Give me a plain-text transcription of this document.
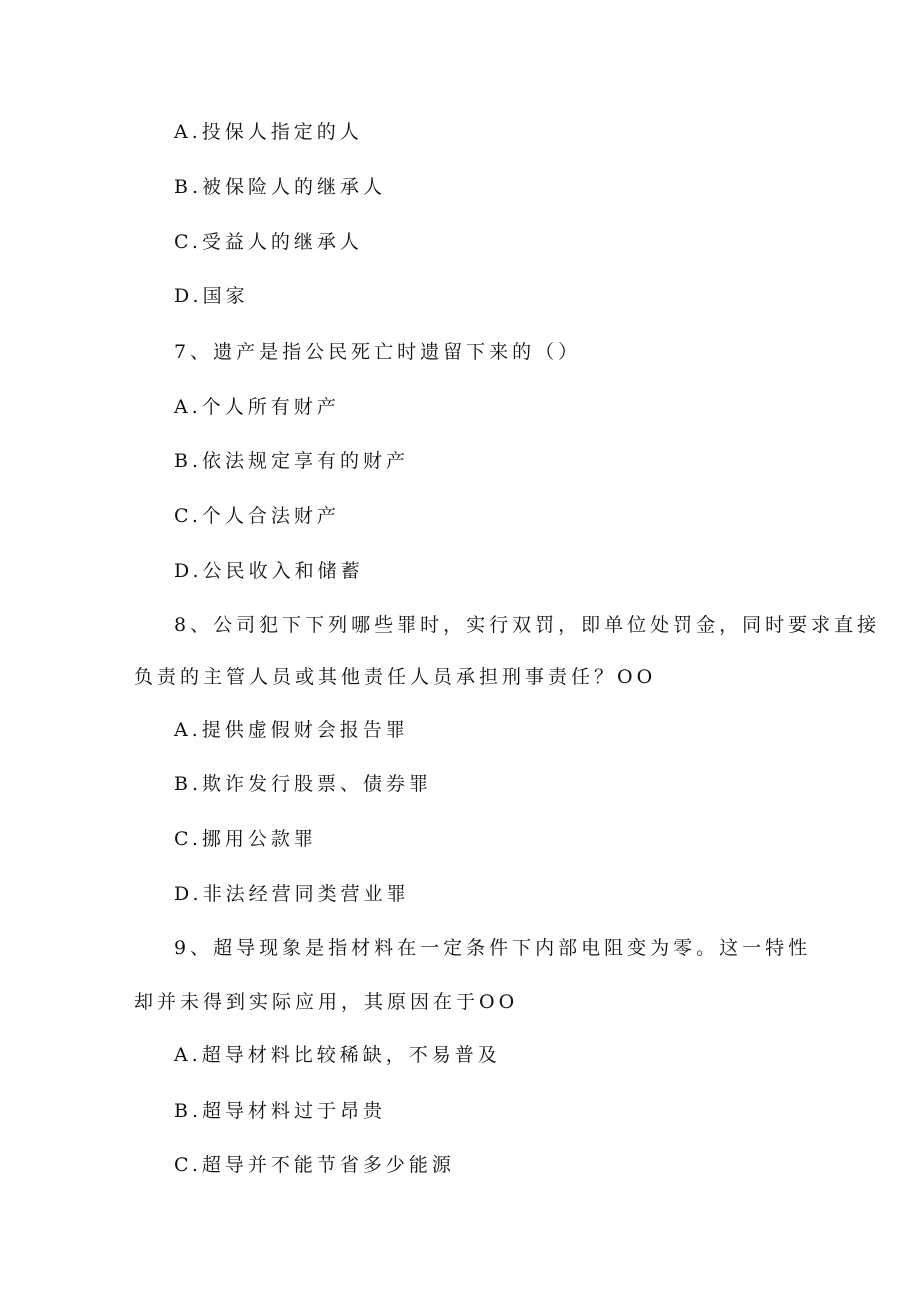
A.投保人指定的人
B.被保险人的继承人
C.受益人的继承人
D.国家
7、遗产是指公民死亡时遗留下来的（）
A.个人所有财产
B.依法规定享有的财产
C.个人合法财产
D.公民收入和储蓄
8、公司犯下下列哪些罪时，实行双罚，即单位处罚金，同时要求直接
负责的主管人员或其他责任人员承担刑事责任？OO
A.提供虚假财会报告罪
B.欺诈发行股票、债券罪
C.挪用公款罪
D.非法经营同类营业罪
9、超导现象是指材料在一定条件下内部电阻变为零。这一特性
却并未得到实际应用，其原因在于OO
A.超导材料比较稀缺，不易普及
B.超导材料过于昂贵
C.超导并不能节省多少能源
